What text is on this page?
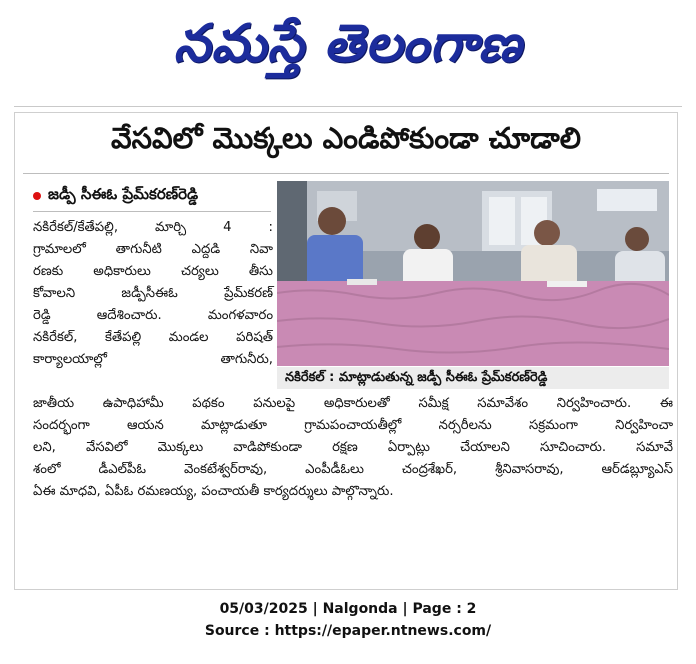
నమస్తే తెలంగాణ
వేసవిలో మొక్కలు ఎండిపోకుండా చూడాలి
జడ్పీ సీఈఓ ప్రేమ్‌కరణ్‌రెడ్డి
నకిరేకల్/కేతేపల్లి, మార్చి 4 :
గ్రామాలలో తాగునీటి ఎద్దడి నివా
రణకు అధికారులు చర్యలు తీసు
కోవాలని జడ్పీసీఈఓ ప్రేమ్‌కరణ్
రెడ్డి ఆదేశించారు. మంగళవారం
నకిరేకల్, కేతేపల్లి మండల పరిషత్
కార్యాలయాల్లో తాగునీరు,
నకిరేకల్ : మాట్లాడుతున్న జడ్పీ సీఈఓ ప్రేమ్‌కరణ్‌రెడ్డి
జాతీయ ఉపాధిహామీ పథకం పనులపై అధికారులతో సమీక్ష సమావేశం నిర్వహించారు. ఈ
సందర్భంగా ఆయన మాట్లాడుతూ గ్రామపంచాయతీల్లో నర్సరీలను సక్రమంగా నిర్వహించా
లని, వేసవిలో మొక్కలు వాడిపోకుండా రక్షణ ఏర్పాట్లు చేయాలని సూచించారు. సమావే
శంలో డీఎల్‌పీఓ వెంకటేశ్వర్‌రావు, ఎంపీడీఓలు చంద్రశేఖర్, శ్రీనివాసరావు, ఆర్‌డబ్ల్యూఎస్
ఏఈ మాధవి, ఏపీఓ రమణయ్య, పంచాయతీ కార్యదర్శులు పాల్గొన్నారు.
05/03/2025 | Nalgonda | Page : 2
Source : https://epaper.ntnews.com/
